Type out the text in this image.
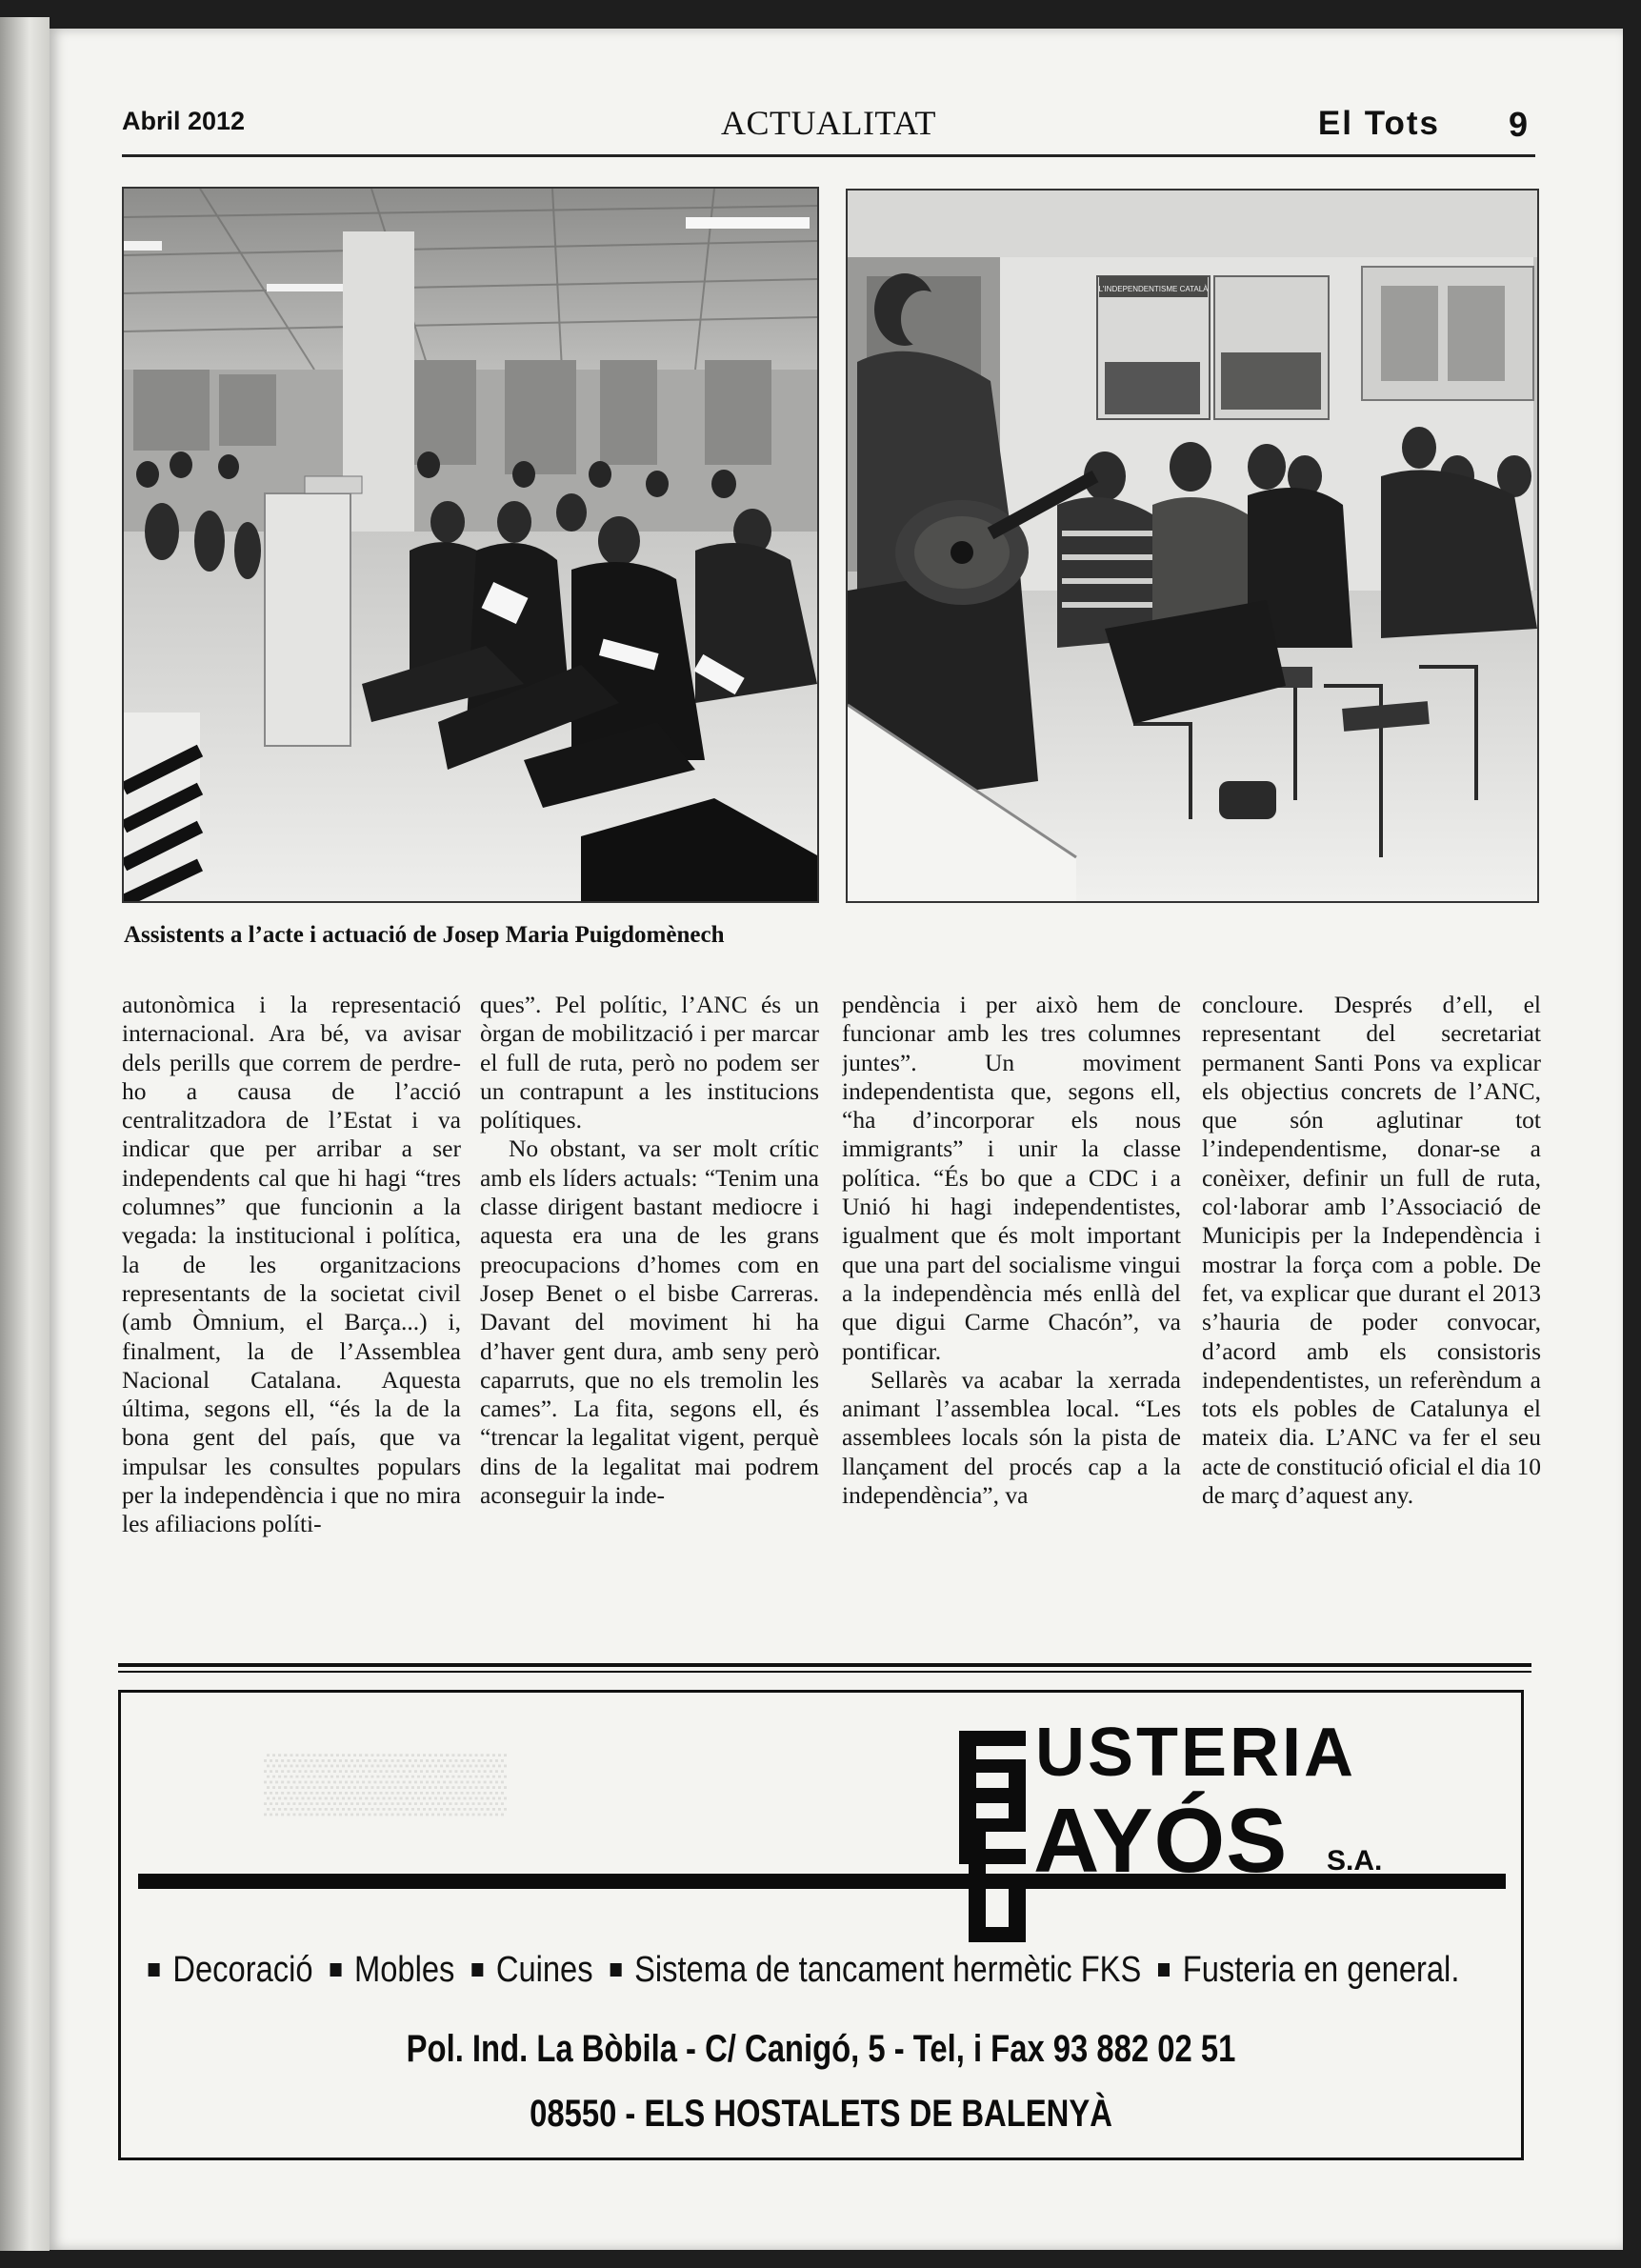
Abril 2012	ACTUALITAT	El Tots 9
L'INDEPENDENTISME CATALÀ
Assistents a l’acte i actuació de Josep Maria Puigdomènech

autonòmica i la representació internacional. Ara bé, va avisar dels perills que correm de perdre-ho a causa de l’acció centralitzadora de l’Estat i va indicar que per arribar a ser independents cal que hi hagi “tres columnes” que funcionin a la vegada: la institucional i política, la de les organitzacions representants de la societat civil (amb Òmnium, el Barça...) i, finalment, la de l’Assemblea Nacional Catalana. Aquesta última, segons ell, “és la de la bona gent del país, que va impulsar les consultes populars per la independència i que no mira les afiliacions políti-

ques”. Pel polític, l’ANC és un òrgan de mobilització i per marcar el full de ruta, però no podem ser un contrapunt a les institucions polítiques.

No obstant, va ser molt crític amb els líders actuals: “Tenim una classe dirigent bastant mediocre i aquesta era una de les grans preocupacions d’homes com en Josep Benet o el bisbe Carreras. Davant del moviment hi ha d’haver gent dura, amb seny però caparruts, que no els tremolin les cames”. La fita, segons ell, és “trencar la legalitat vigent, perquè dins de la legalitat mai podrem aconseguir la inde-

pendència i per això hem de funcionar amb les tres columnes juntes”. Un moviment independentista que, segons ell, “ha d’incorporar els nous immigrants” i unir la classe política. “És bo que a CDC i a Unió hi hagi independentistes, igualment que és molt important que una part del socialisme vingui a la independència més enllà del que digui Carme Chacón”, va pontificar.

Sellarès va acabar la xerrada animant l’assemblea local. “Les assemblees locals són la pista de llançament del procés cap a la independència”, va

concloure. Després d’ell, el representant del secretariat permanent Santi Pons va explicar els objectius concrets de l’ANC, que són aglutinar tot l’independentisme, donar-se a conèixer, definir un full de ruta, col·laborar amb l’Associació de Municipis per la Independència i mostrar la força com a poble. De fet, va explicar que durant el 2013 s’hauria de poder convocar, d’acord amb els consistoris independentistes, un referèndum a tots els pobles de Catalunya el mateix dia. L’ANC va fer el seu acte de constitució oficial el dia 10 de març d’aquest any.

▒▒▒▒▒▒	USTERIA
AYÓS S.A.
Decoració Mobles Cuines Sistema de tancament hermètic FKS Fusteria en general.
Pol. Ind. La Bòbila - C/ Canigó, 5 - Tel, i Fax 93 882 02 51
08550 - ELS HOSTALETS DE BALENYÀ
